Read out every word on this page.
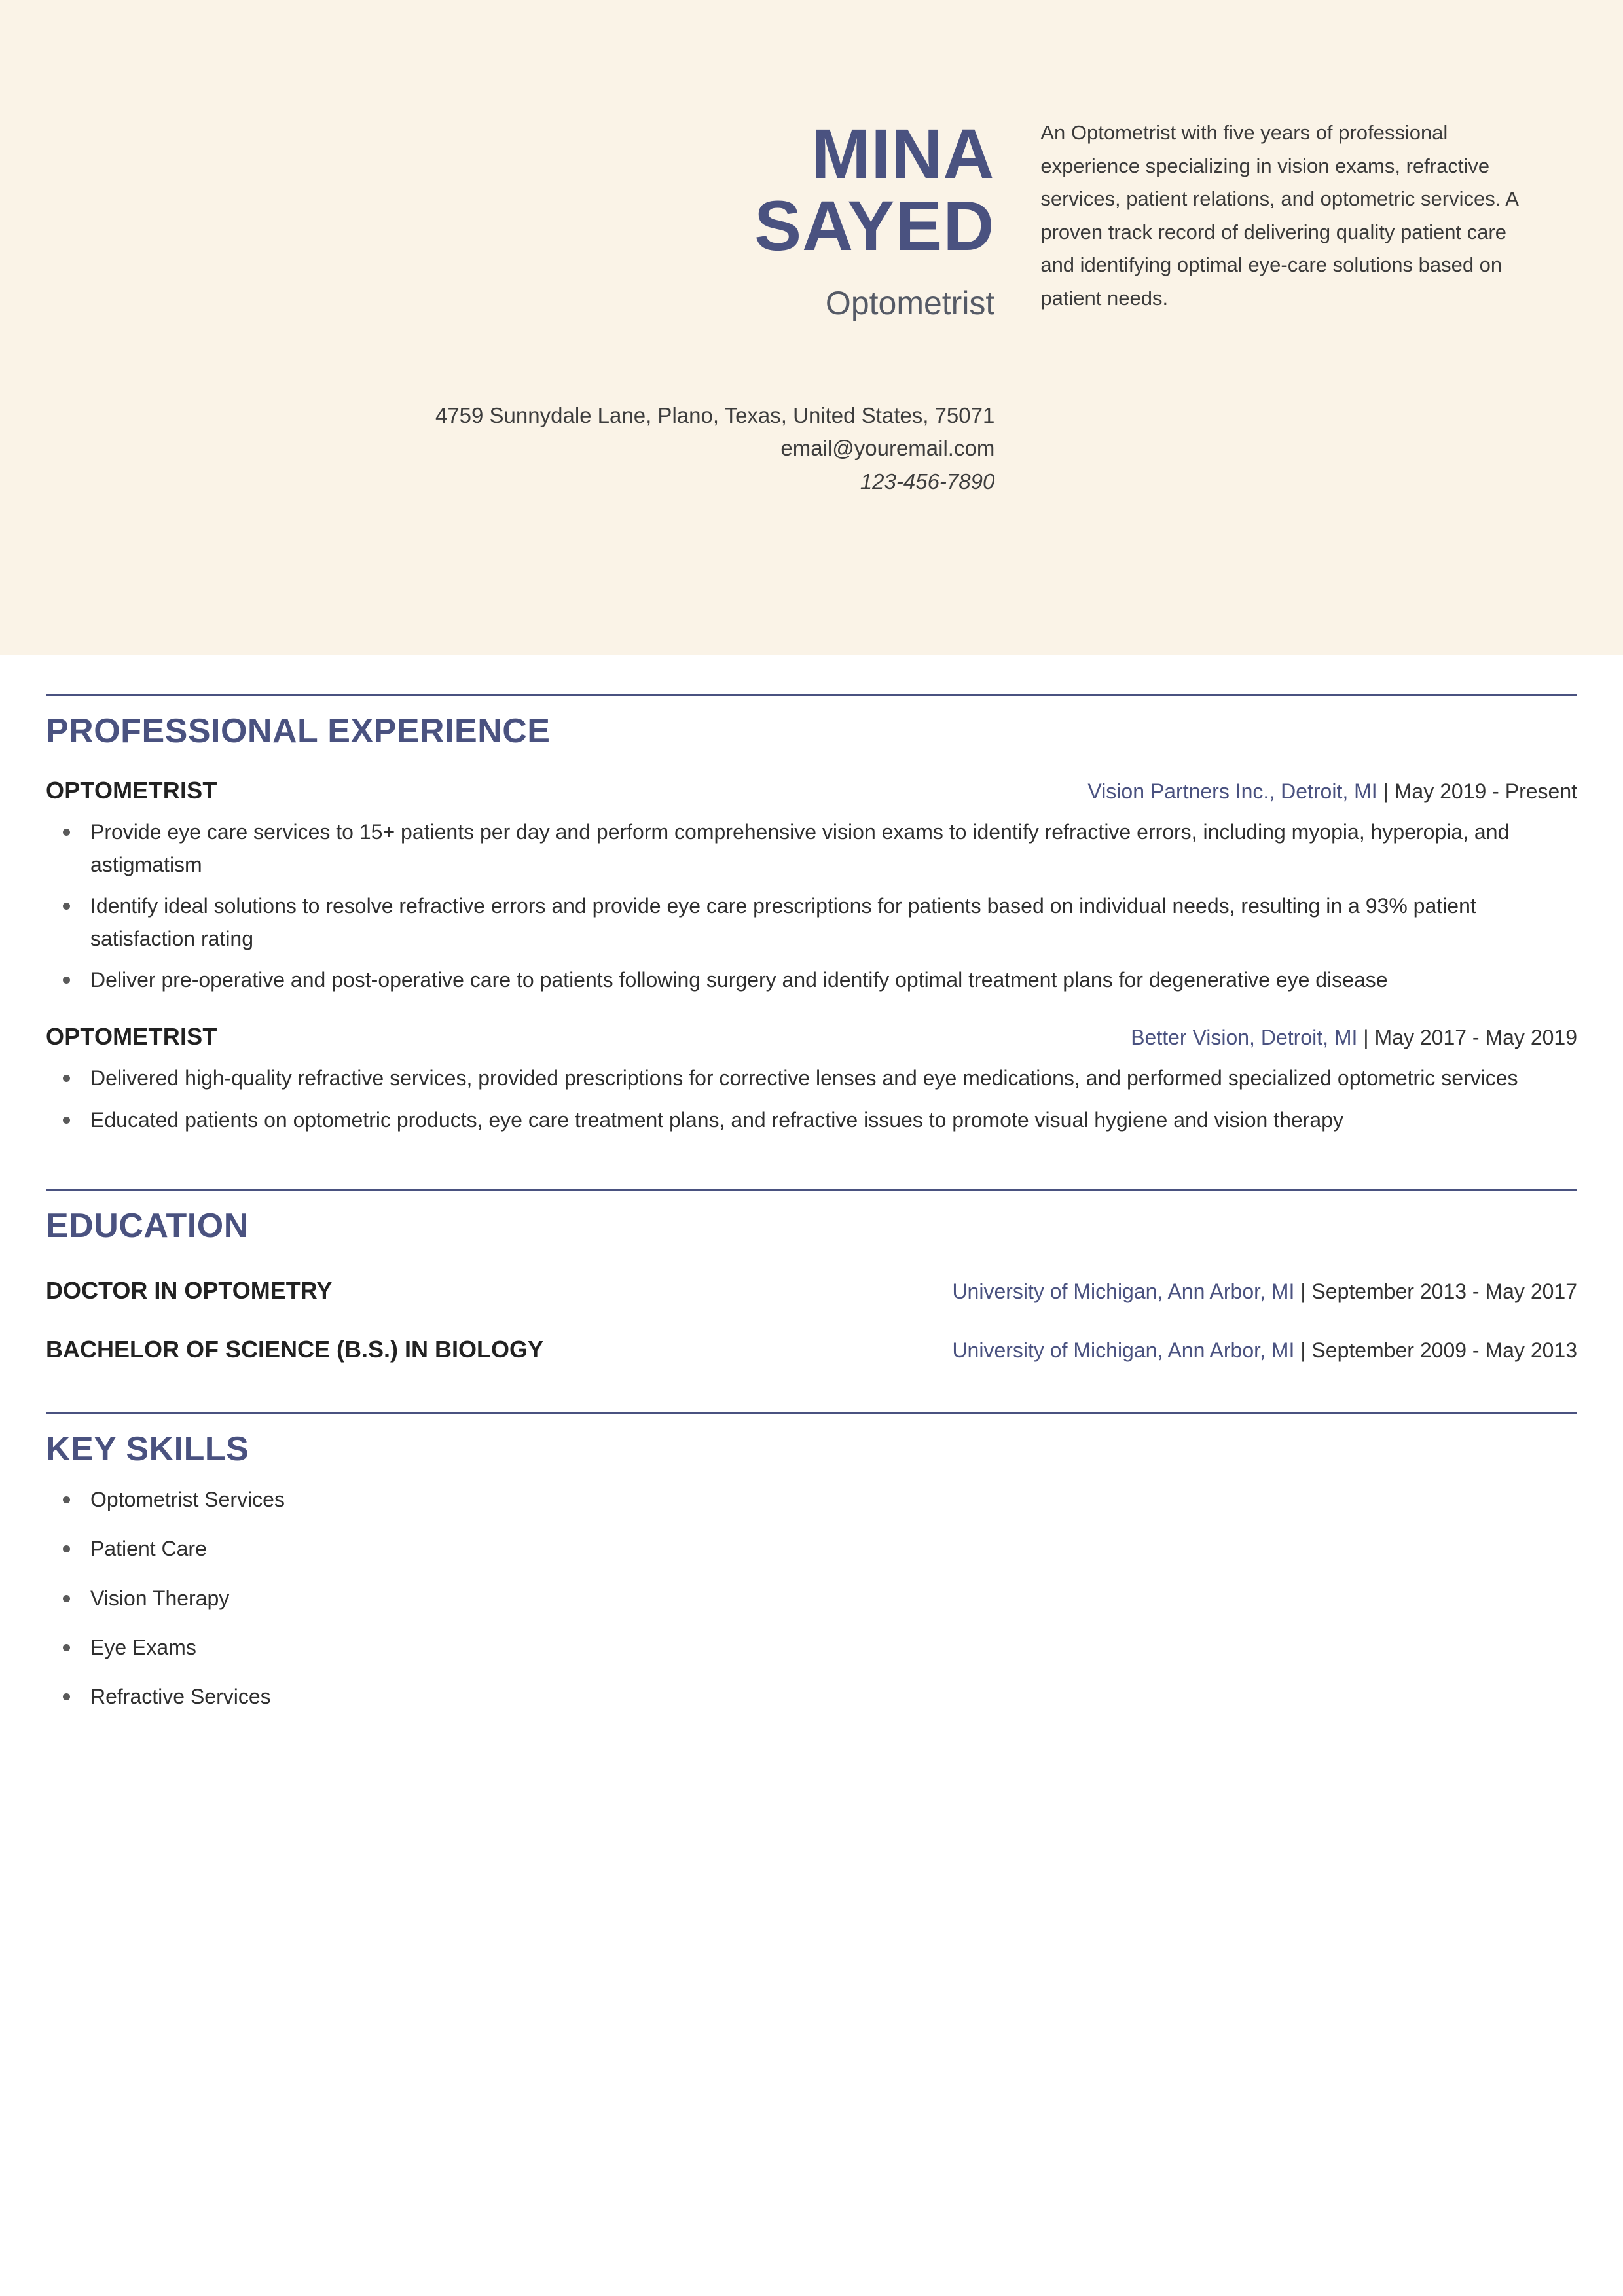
MINA
SAYED
Optometrist
4759 Sunnydale Lane, Plano, Texas, United States, 75071
email@youremail.com
123-456-7890
An Optometrist with five years of professional experience specializing in vision exams, refractive services, patient relations, and optometric services. A proven track record of delivering quality patient care and identifying optimal eye-care solutions based on patient needs.
PROFESSIONAL EXPERIENCE
OPTOMETRIST	Vision Partners Inc., Detroit, MI | May 2019 - Present
Provide eye care services to 15+ patients per day and perform comprehensive vision exams to identify refractive errors, including myopia, hyperopia, and astigmatism
Identify ideal solutions to resolve refractive errors and provide eye care prescriptions for patients based on individual needs, resulting in a 93% patient satisfaction rating
Deliver pre-operative and post-operative care to patients following surgery and identify optimal treatment plans for degenerative eye disease
OPTOMETRIST	Better Vision, Detroit, MI | May 2017 - May 2019
Delivered high-quality refractive services, provided prescriptions for corrective lenses and eye medications, and performed specialized optometric services
Educated patients on optometric products, eye care treatment plans, and refractive issues to promote visual hygiene and vision therapy
EDUCATION
DOCTOR IN OPTOMETRY	University of Michigan, Ann Arbor, MI | September 2013 - May 2017
BACHELOR OF SCIENCE (B.S.) IN BIOLOGY	University of Michigan, Ann Arbor, MI | September 2009 - May 2013
KEY SKILLS
Optometrist Services
Patient Care
Vision Therapy
Eye Exams
Refractive Services
